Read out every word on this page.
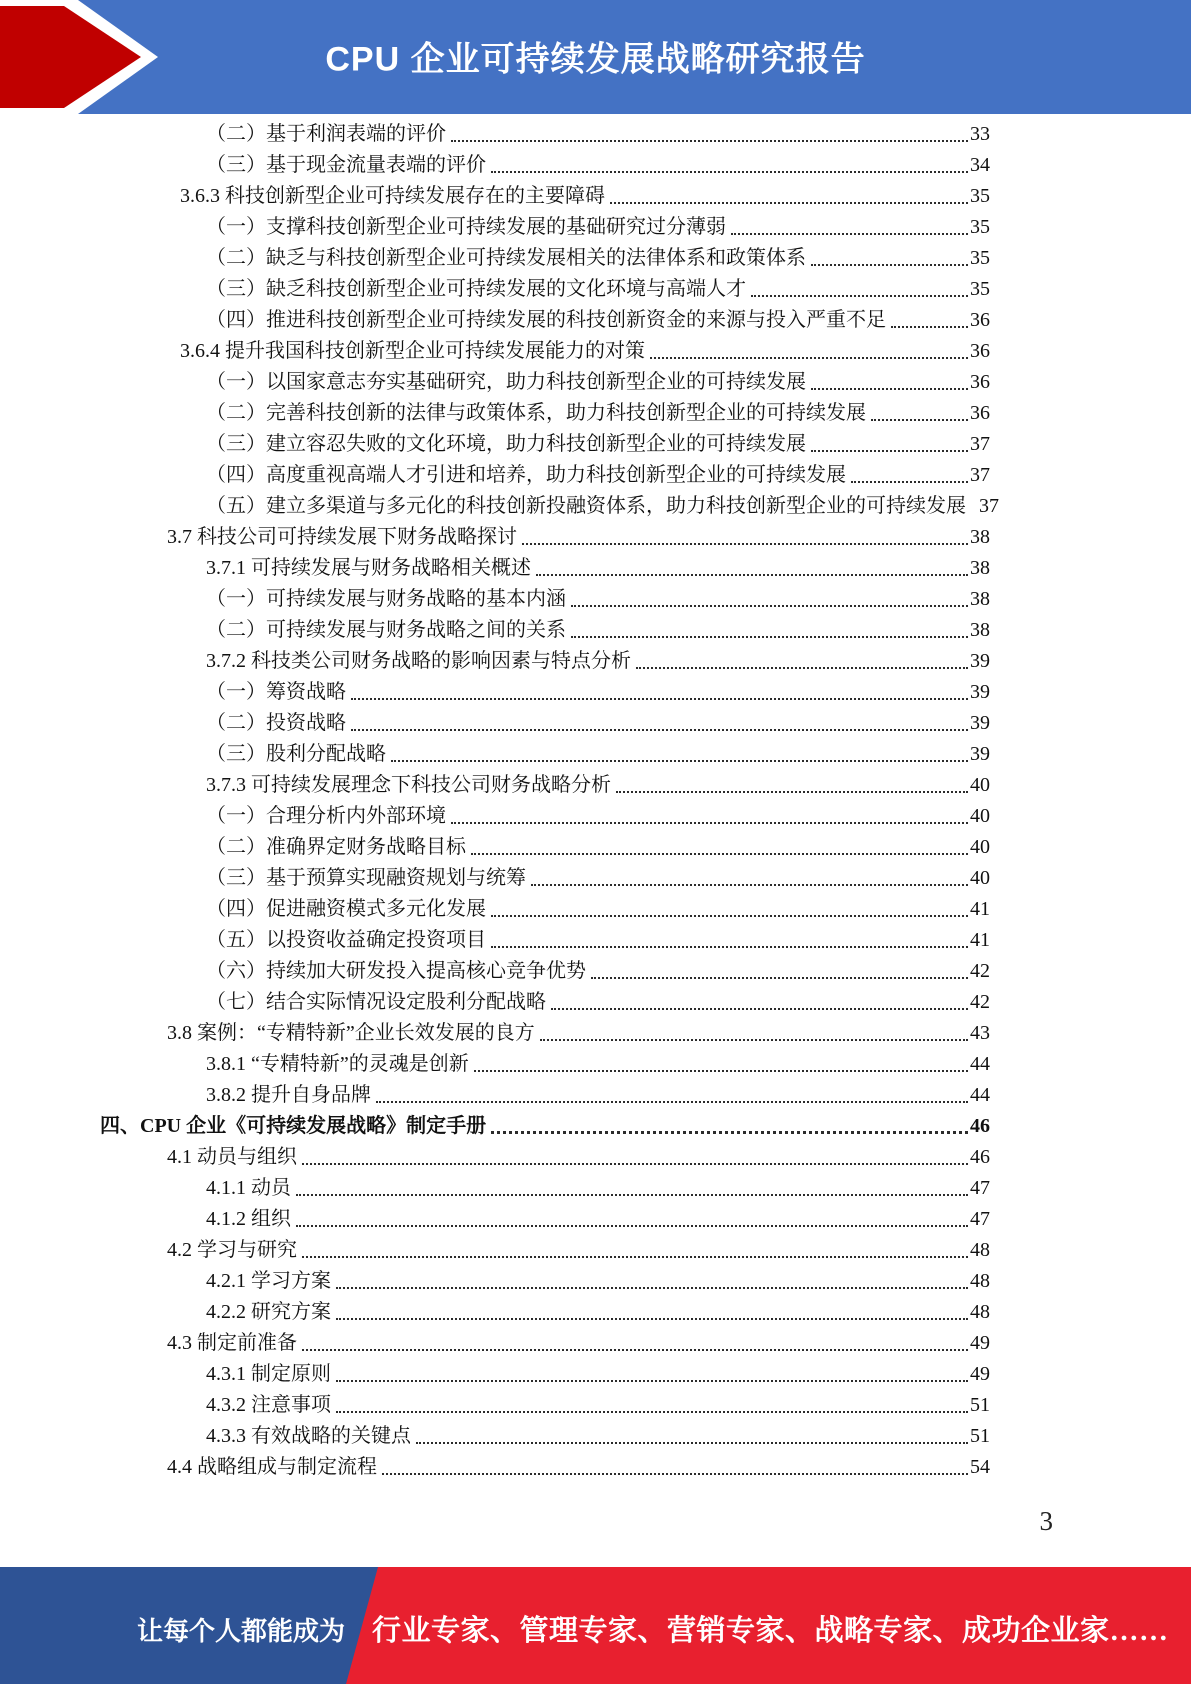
CPU 企业可持续发展战略研究报告
（二）基于利润表端的评价	33
（三）基于现金流量表端的评价	34
3.6.3 科技创新型企业可持续发展存在的主要障碍	35
（一）支撑科技创新型企业可持续发展的基础研究过分薄弱	35
（二）缺乏与科技创新型企业可持续发展相关的法律体系和政策体系	35
（三）缺乏科技创新型企业可持续发展的文化环境与高端人才	35
（四）推进科技创新型企业可持续发展的科技创新资金的来源与投入严重不足	36
3.6.4 提升我国科技创新型企业可持续发展能力的对策	36
（一）以国家意志夯实基础研究，助力科技创新型企业的可持续发展	36
（二）完善科技创新的法律与政策体系，助力科技创新型企业的可持续发展	36
（三）建立容忍失败的文化环境，助力科技创新型企业的可持续发展	37
（四）高度重视高端人才引进和培养，助力科技创新型企业的可持续发展	37
（五）建立多渠道与多元化的科技创新投融资体系，助力科技创新型企业的可持续发展 37
3.7 科技公司可持续发展下财务战略探讨	38
3.7.1 可持续发展与财务战略相关概述	38
（一）可持续发展与财务战略的基本内涵	38
（二）可持续发展与财务战略之间的关系	38
3.7.2 科技类公司财务战略的影响因素与特点分析	39
（一）筹资战略	39
（二）投资战略	39
（三）股利分配战略	39
3.7.3 可持续发展理念下科技公司财务战略分析	40
（一）合理分析内外部环境	40
（二）准确界定财务战略目标	40
（三）基于预算实现融资规划与统筹	40
（四）促进融资模式多元化发展	41
（五）以投资收益确定投资项目	41
（六）持续加大研发投入提高核心竞争优势	42
（七）结合实际情况设定股利分配战略	42
3.8 案例：“专精特新”企业长效发展的良方	43
3.8.1 “专精特新”的灵魂是创新	44
3.8.2 提升自身品牌	44
四、CPU 企业《可持续发展战略》制定手册	46
4.1 动员与组织	46
4.1.1 动员	47
4.1.2 组织	47
4.2 学习与研究	48
4.2.1 学习方案	48
4.2.2 研究方案	48
4.3 制定前准备	49
4.3.1 制定原则	49
4.3.2 注意事项	51
4.3.3 有效战略的关键点	51
4.4 战略组成与制定流程	54
3
让每个人都能成为 行业专家、管理专家、营销专家、战略专家、成功企业家……
